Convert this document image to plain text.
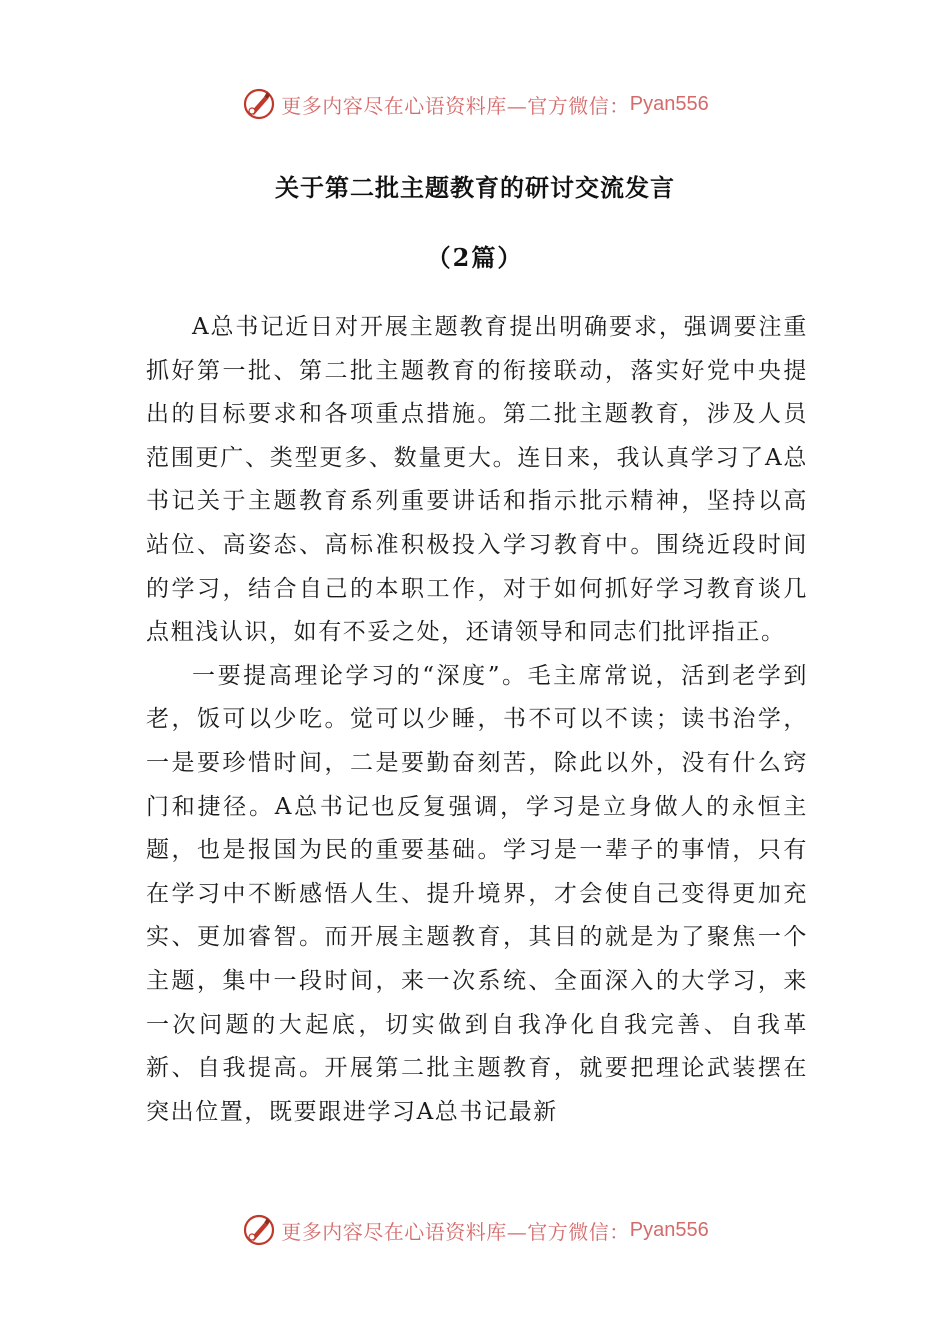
更多内容尽在心语资料库—官方微信： Pyan556
关于第二批主题教育的研讨交流发言
（2篇）

A总书记近日对开展主题教育提出明确要求，强调要注重抓好第一批、第二批主题教育的衔接联动，落实好党中央提出的目标要求和各项重点措施。第二批主题教育，涉及人员范围更广、类型更多、数量更大。连日来，我认真学习了A总书记关于主题教育系列重要讲话和指示批示精神，坚持以高站位、高姿态、高标准积极投入学习教育中。围绕近段时间的学习，结合自己的本职工作，对于如何抓好学习教育谈几点粗浅认识，如有不妥之处，还请领导和同志们批评指正。

一要提高理论学习的“深度”。毛主席常说，活到老学到老，饭可以少吃。觉可以少睡，书不可以不读；读书治学，一是要珍惜时间，二是要勤奋刻苦，除此以外，没有什么窍门和捷径。A总书记也反复强调，学习是立身做人的永恒主题，也是报国为民的重要基础。学习是一辈子的事情，只有在学习中不断感悟人生、提升境界，才会使自己变得更加充实、更加睿智。而开展主题教育，其目的就是为了聚焦一个主题，集中一段时间，来一次系统、全面深入的大学习，来一次问题的大起底，切实做到自我净化自我完善、自我革新、自我提高。开展第二批主题教育，就要把理论武装摆在突出位置，既要跟进学习A总书记最新

更多内容尽在心语资料库—官方微信： Pyan556
